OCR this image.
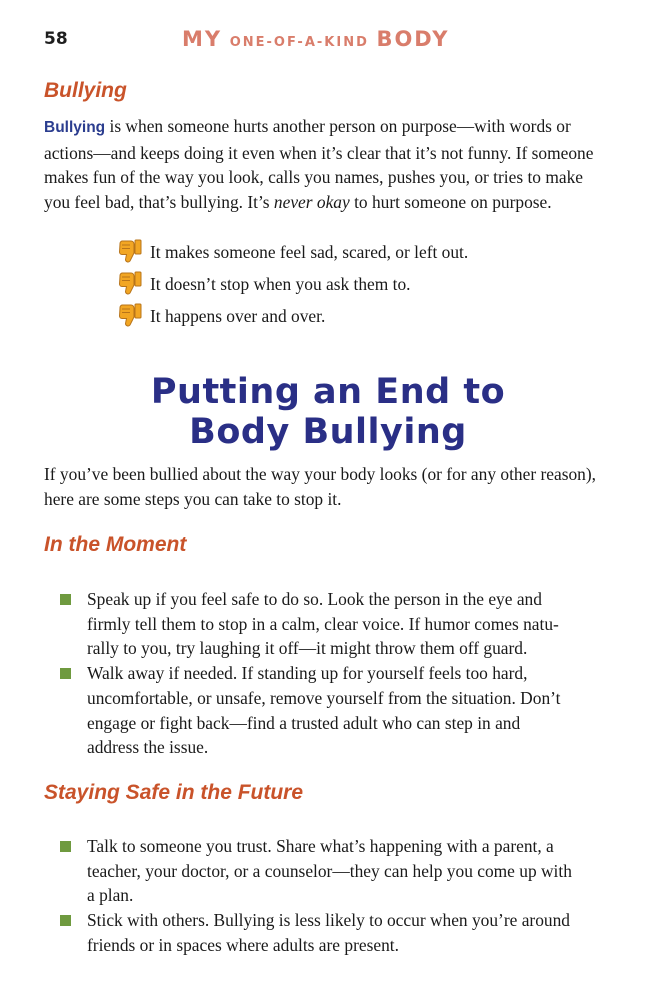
58	MY ONE-OF-A-KIND BODY
Bullying

Bullying is when someone hurts another person on purpose—with words or
actions—and keeps doing it even when it’s clear that it’s not funny. If someone
makes fun of the way you look, calls you names, pushes you, or tries to make
you feel bad, that’s bullying. It’s never okay to hurt someone on purpose.

It makes someone feel sad, scared, or left out.
It doesn’t stop when you ask them to.
It happens over and over.
Putting an End to
Body Bullying

If you’ve been bullied about the way your body looks (or for any other reason),
here are some steps you can take to stop it.

In the Moment
Speak up if you feel safe to do so. Look the person in the eye and
firmly tell them to stop in a calm, clear voice. If humor comes natu-
rally to you, try laughing it off—it might throw them off guard.
Walk away if needed. If standing up for yourself feels too hard,
uncomfortable, or unsafe, remove yourself from the situation. Don’t
engage or fight back—find a trusted adult who can step in and
address the issue.
Staying Safe in the Future
Talk to someone you trust. Share what’s happening with a parent, a
teacher, your doctor, or a counselor—they can help you come up with
a plan.
Stick with others. Bullying is less likely to occur when you’re around
friends or in spaces where adults are present.
